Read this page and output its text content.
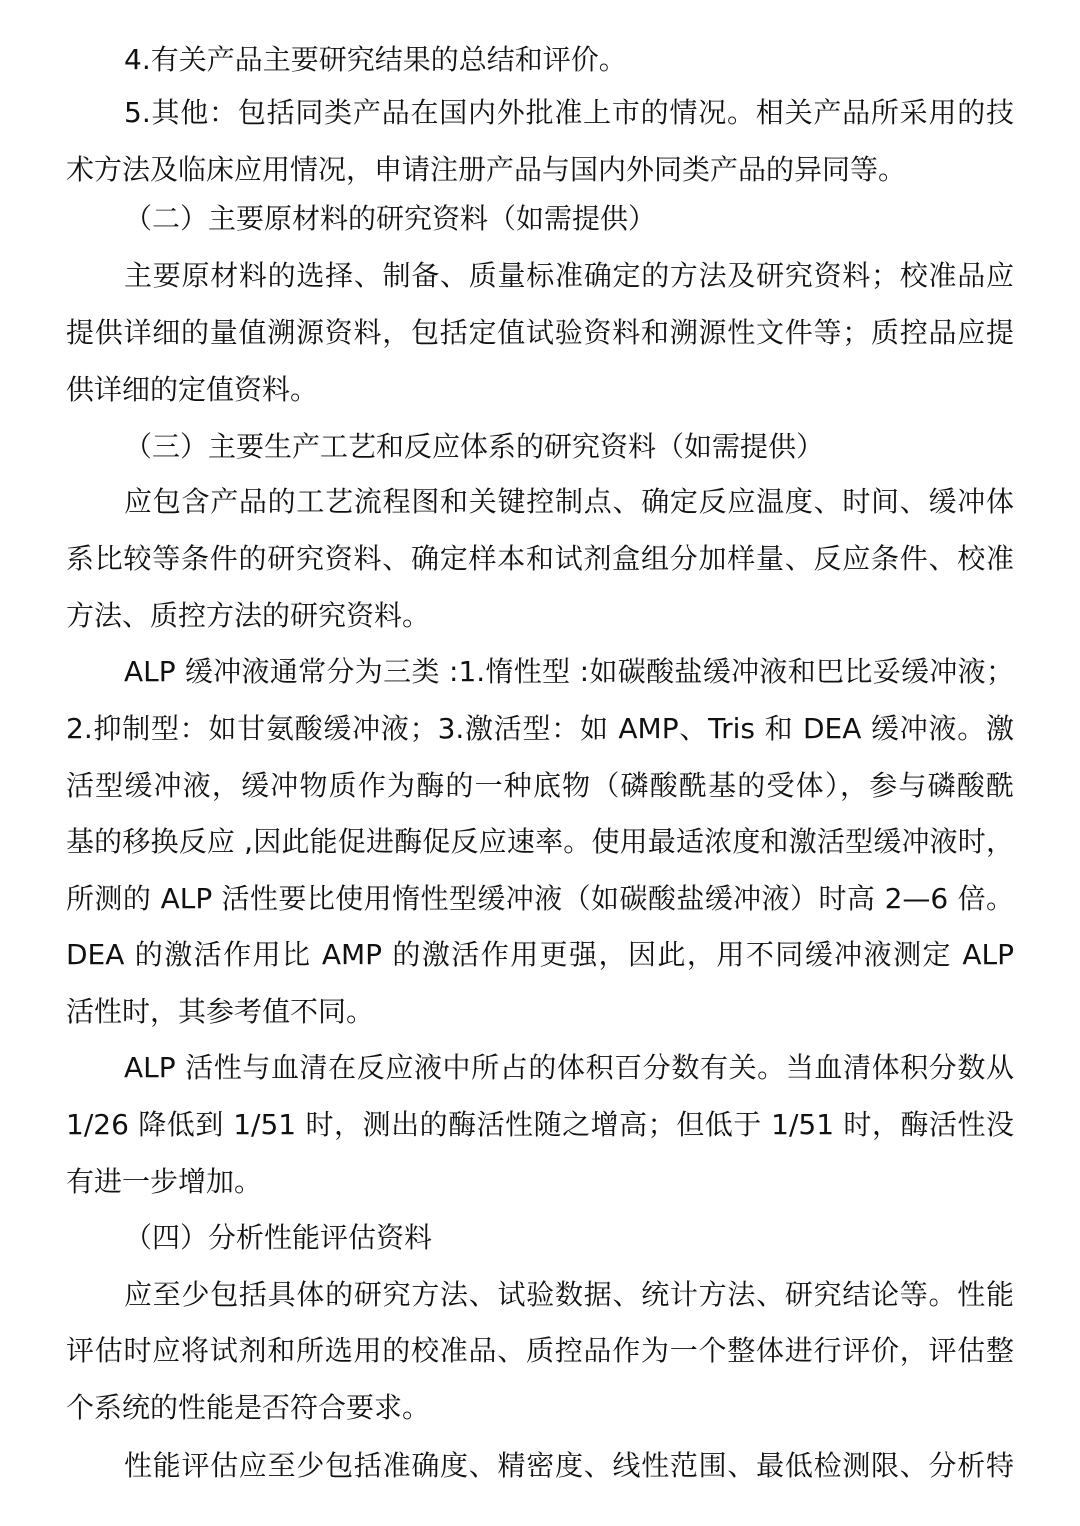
4.有关产品主要研究结果的总结和评价。
5.其他：包括同类产品在国内外批准上市的情况。相关产品所采用的技
术方法及临床应用情况，申请注册产品与国内外同类产品的异同等。
（二）主要原材料的研究资料（如需提供）
主要原材料的选择、制备、质量标准确定的方法及研究资料；校准品应
提供详细的量值溯源资料，包括定值试验资料和溯源性文件等；质控品应提
供详细的定值资料。
（三）主要生产工艺和反应体系的研究资料（如需提供）
应包含产品的工艺流程图和关键控制点、确定反应温度、时间、缓冲体
系比较等条件的研究资料、确定样本和试剂盒组分加样量、反应条件、校准
方法、质控方法的研究资料。
ALP 缓冲液通常分为三类 :1.惰性型 :如碳酸盐缓冲液和巴比妥缓冲液；
2.抑制型：如甘氨酸缓冲液；3.激活型：如 AMP、Tris 和 DEA 缓冲液。激
活型缓冲液，缓冲物质作为酶的一种底物（磷酸酰基的受体），参与磷酸酰
基的移换反应 ,因此能促进酶促反应速率。使用最适浓度和激活型缓冲液时，
所测的 ALP 活性要比使用惰性型缓冲液（如碳酸盐缓冲液）时高 2—6 倍。
DEA 的激活作用比 AMP 的激活作用更强，因此，用不同缓冲液测定 ALP
活性时，其参考值不同。
ALP 活性与血清在反应液中所占的体积百分数有关。当血清体积分数从
1/26 降低到 1/51 时，测出的酶活性随之增高；但低于 1/51 时，酶活性没
有进一步增加。
（四）分析性能评估资料
应至少包括具体的研究方法、试验数据、统计方法、研究结论等。性能
评估时应将试剂和所选用的校准品、质控品作为一个整体进行评价，评估整
个系统的性能是否符合要求。
性能评估应至少包括准确度、精密度、线性范围、最低检测限、分析特
